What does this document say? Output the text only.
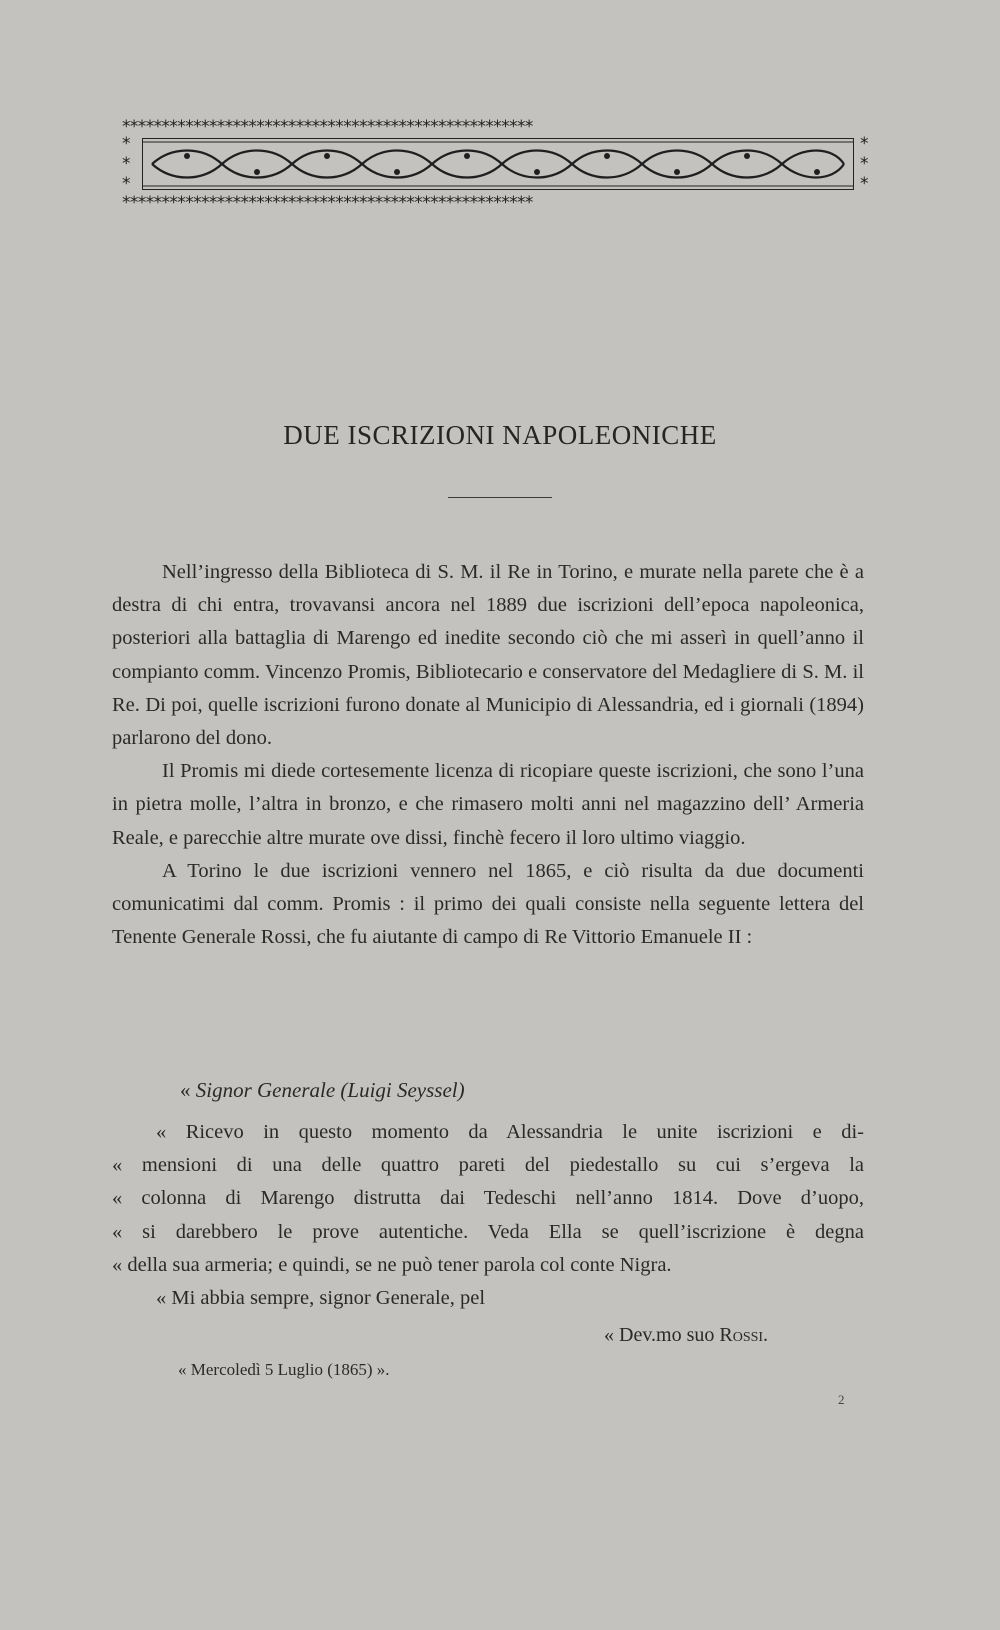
****************************************************
*
*
*
*
*
*
****************************************************
DUE ISCRIZIONI NAPOLEONICHE

Nell’ingresso della Biblioteca di S. M. il Re in Torino, e murate nella parete che è a destra di chi entra, trovavansi ancora nel 1889 due iscrizioni dell’epoca napoleonica, posteriori alla battaglia di Marengo ed inedite secondo ciò che mi asserì in quell’anno il compianto comm. Vincenzo Promis, Bibliotecario e conservatore del Medagliere di S. M. il Re. Di poi, quelle iscrizioni furono donate al Municipio di Alessandria, ed i giornali (1894) parlarono del dono.

Il Promis mi diede cortesemente licenza di ricopiare queste iscrizioni, che sono l’una in pietra molle, l’altra in bronzo, e che rimasero molti anni nel magazzino dell’ Armeria Reale, e parecchie altre murate ove dissi, finchè fecero il loro ultimo viaggio.

A Torino le due iscrizioni vennero nel 1865, e ciò risulta da due documenti comunicatimi dal comm. Promis : il primo dei quali consiste nella seguente lettera del Tenente Generale Rossi, che fu aiutante di campo di Re Vittorio Emanuele II :

« Signor Generale (Luigi Seyssel)
« Ricevo in questo momento da Alessandria le unite iscrizioni e di-
« mensioni di una delle quattro pareti del piedestallo su cui s’ergeva la
« colonna di Marengo distrutta dai Tedeschi nell’anno 1814. Dove d’uopo,
« si darebbero le prove autentiche. Veda Ella se quell’iscrizione è degna
« della sua armeria; e quindi, se ne può tener parola col conte Nigra.
« Mi abbia sempre, signor Generale, pel
« Dev.mo suo Rossi.
« Mercoledì 5 Luglio (1865) ».
2
